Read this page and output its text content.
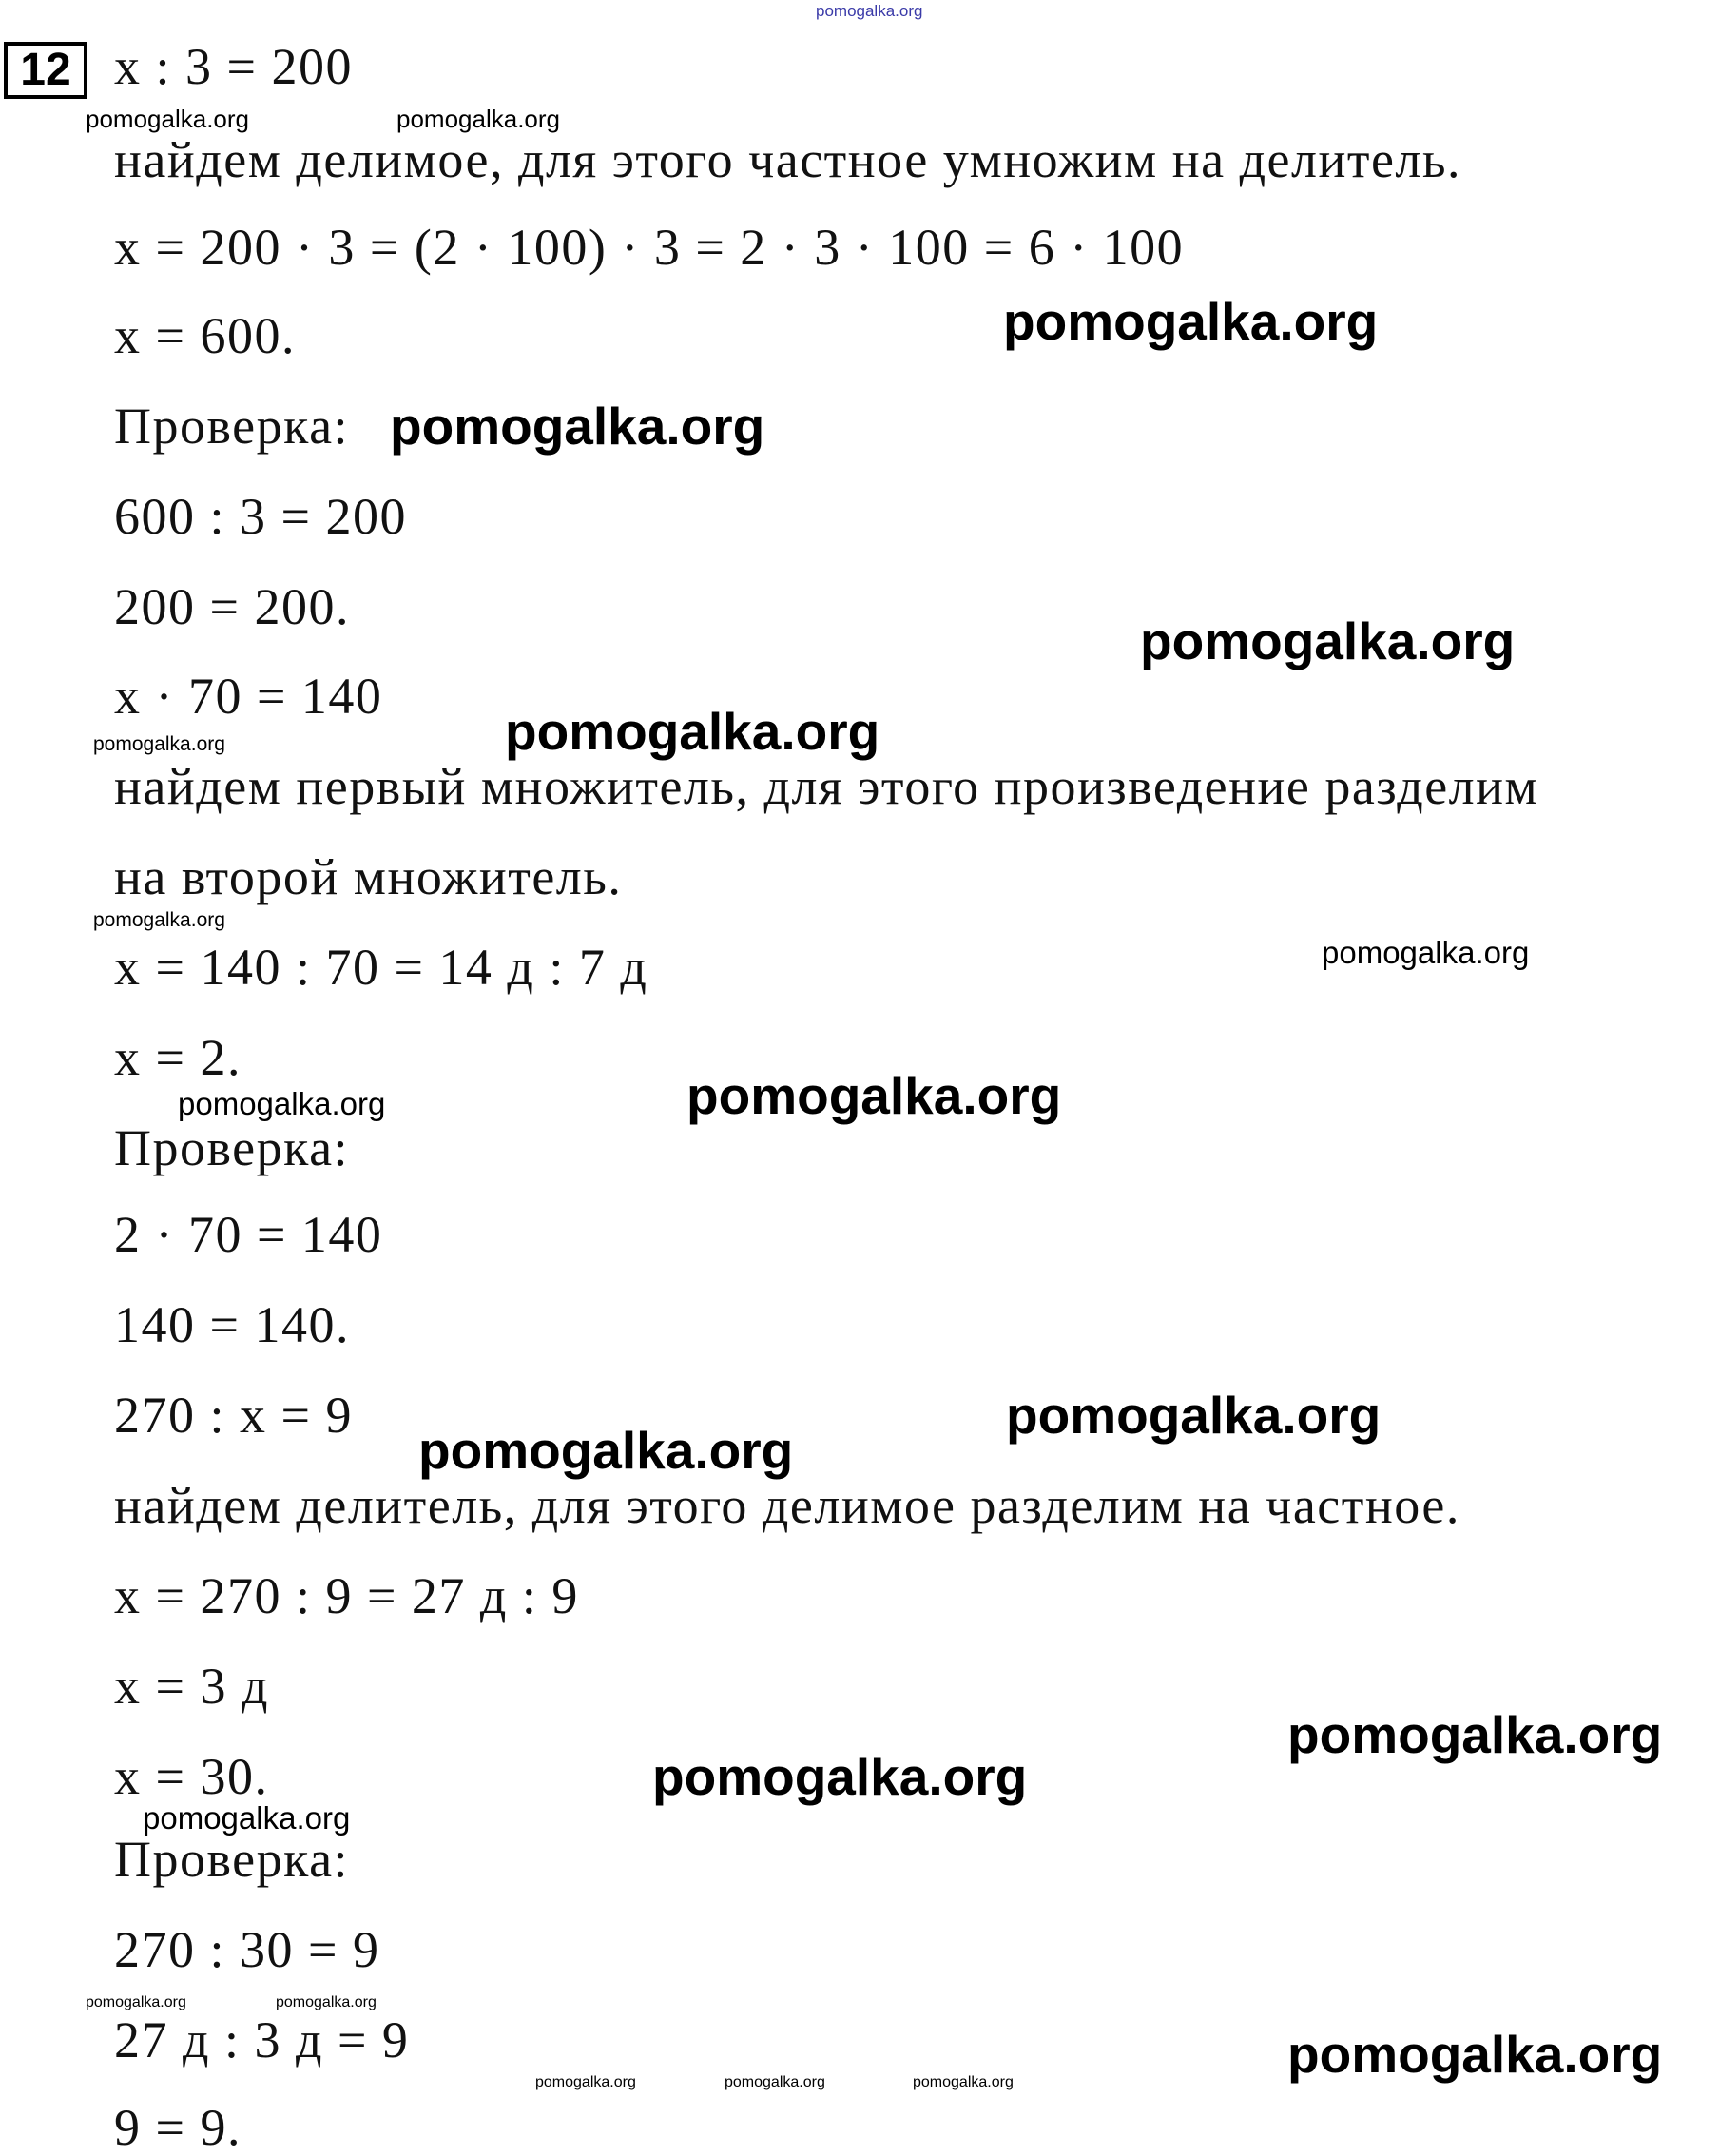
pomogalka.org
12 x : 3 = 200
найдем делимое, для этого частное умножим на делитель.
x = 200 · 3 = (2 · 100) · 3 = 2 · 3 · 100 = 6 · 100
x = 600.
Проверка:
600 : 3 = 200
200 = 200.
x · 70 = 140
найдем первый множитель, для этого произведение разделим
на второй множитель.
x = 140 : 70 = 14 д : 7 д
x = 2.
Проверка:
2 · 70 = 140
140 = 140.
270 : x = 9
найдем делитель, для этого делимое разделим на частное.
x = 270 : 9 = 27 д : 9
x = 3 д
x = 30.
Проверка:
270 : 30 = 9
27 д : 3 д = 9
9 = 9.
pomogalka.org	pomogalka.org
pomogalka.org
pomogalka.org
pomogalka.org
pomogalka.org	pomogalka.org
pomogalka.org
pomogalka.org
pomogalka.org	pomogalka.org
pomogalka.org
pomogalka.org
pomogalka.org
pomogalka.org
pomogalka.org
pomogalka.org	pomogalka.org
pomogalka.org	pomogalka.org	pomogalka.org	pomogalka.org
